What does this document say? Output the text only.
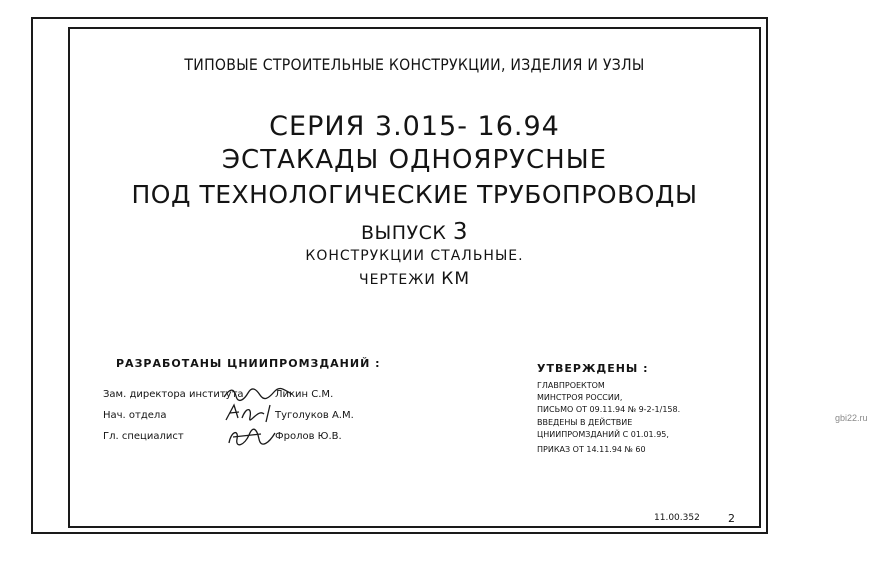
ТИПОВЫЕ СТРОИТЕЛЬНЫЕ КОНСТРУКЦИИ, ИЗДЕЛИЯ И УЗЛЫ
СЕРИЯ 3.015- 16.94
ЭСТАКАДЫ ОДНОЯРУСНЫЕ
ПОД ТЕХНОЛОГИЧЕСКИЕ ТРУБОПРОВОДЫ
ВЫПУСК 3
КОНСТРУКЦИИ СТАЛЬНЫЕ.
ЧЕРТЕЖИ КМ
РАЗРАБОТАНЫ ЦНИИПРОМЗДАНИЙ :
Зам. директора института	Ликин С.М.
Нач. отдела	Туголуков А.М.
Гл. специалист	Фролов Ю.В.
УТВЕРЖДЕНЫ :
ГЛАВПРОЕКТОМ
МИНСТРОЯ РОССИИ,
ПИСЬМО ОТ 09.11.94 № 9-2-1/158.
ВВЕДЕНЫ В ДЕЙСТВИЕ
ЦНИИПРОМЗДАНИЙ С 01.01.95,
ПРИКАЗ ОТ 14.11.94 № 60
11.00.352	2
gbi22.ru
